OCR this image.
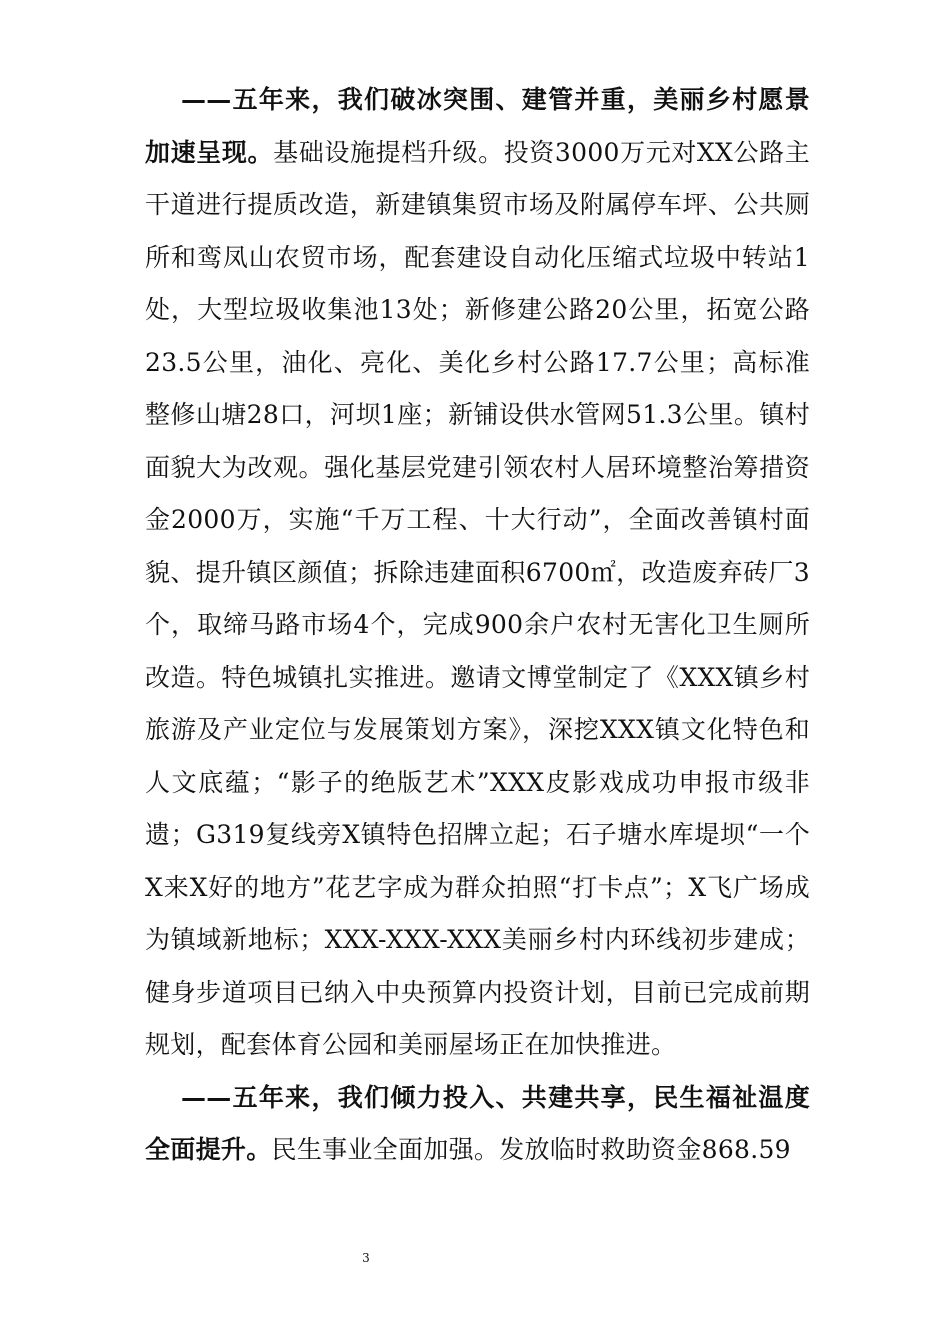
——五年来，我们破冰突围、建管并重，美丽乡村愿景加速呈现。基础设施提档升级。投资3000万元对XX公路主干道进行提质改造，新建镇集贸市场及附属停车坪、公共厕所和鸾凤山农贸市场，配套建设自动化压缩式垃圾中转站1处，大型垃圾收集池13处；新修建公路20公里，拓宽公路23.5公里，油化、亮化、美化乡村公路17.7公里；高标准整修山塘28口，河坝1座；新铺设供水管网51.3公里。镇村面貌大为改观。强化基层党建引领农村人居环境整治筹措资金2000万，实施“千万工程、十大行动”，全面改善镇村面貌、提升镇区颜值；拆除违建面积6700㎡，改造废弃砖厂3个，取缔马路市场4个，完成900余户农村无害化卫生厕所改造。特色城镇扎实推进。邀请文博堂制定了《XXX镇乡村旅游及产业定位与发展策划方案》，深挖XXX镇文化特色和人文底蕴；“影子的绝版艺术”XXX皮影戏成功申报市级非遗；G319复线旁X镇特色招牌立起；石子塘水库堤坝“一个X来X好的地方”花艺字成为群众拍照“打卡点”；X飞广场成为镇域新地标；XXX-XXX-XXX美丽乡村内环线初步建成；健身步道项目已纳入中央预算内投资计划，目前已完成前期规划，配套体育公园和美丽屋场正在加快推进。

——五年来，我们倾力投入、共建共享，民生福祉温度全面提升。民生事业全面加强。发放临时救助资金868.59

3
